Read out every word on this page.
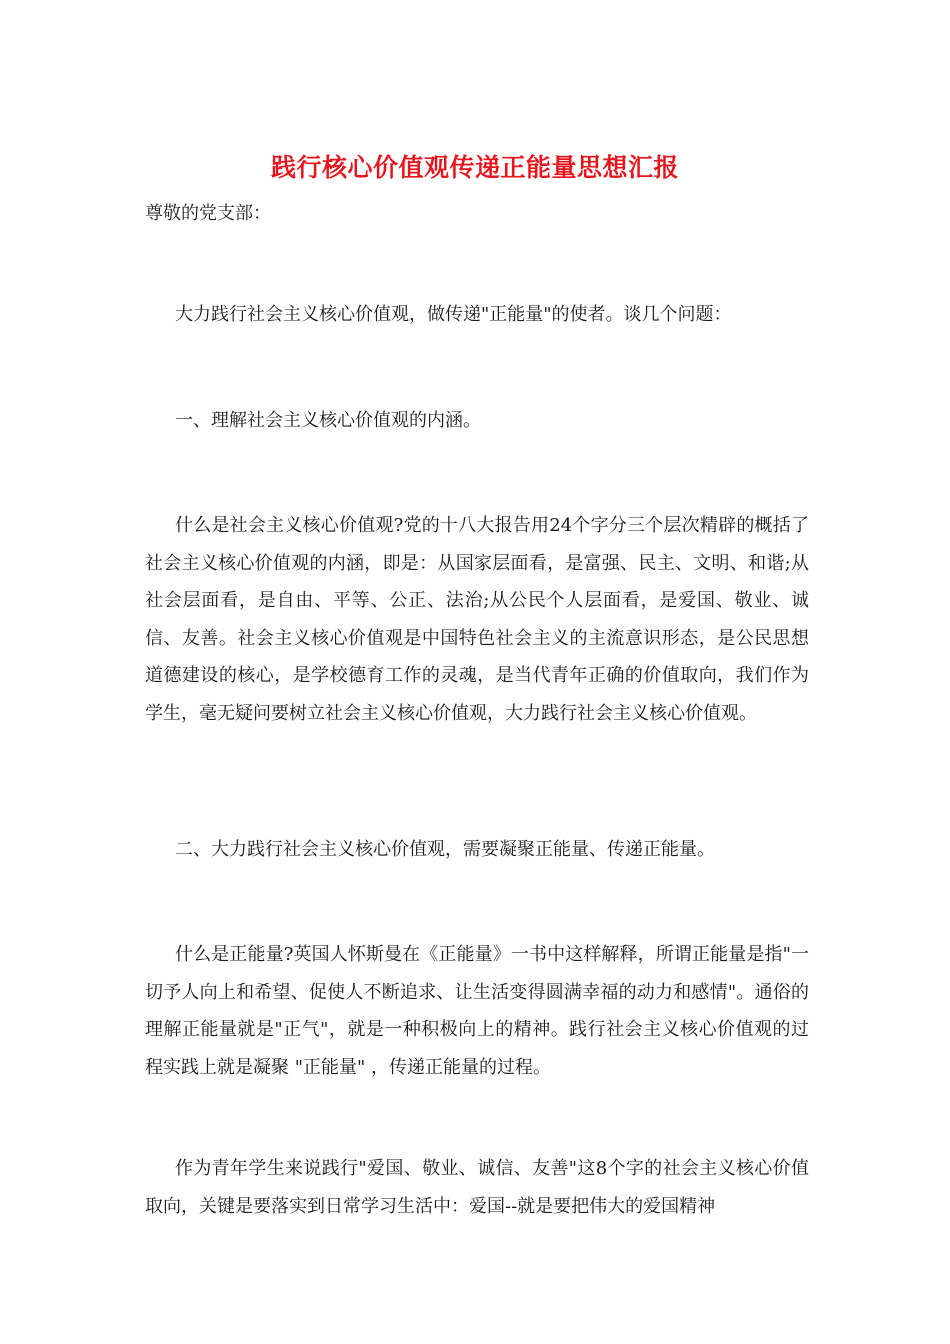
践行核心价值观传递正能量思想汇报
尊敬的党支部：

大力践行社会主义核心价值观，做传递"正能量"的使者。谈几个问题：

一、理解社会主义核心价值观的内涵。

什么是社会主义核心价值观?党的十八大报告用24个字分三个层次精辟的概括了社会主义核心价值观的内涵，即是：从国家层面看，是富强、民主、文明、和谐;从社会层面看，是自由、平等、公正、法治;从公民个人层面看，是爱国、敬业、诚信、友善。社会主义核心价值观是中国特色社会主义的主流意识形态，是公民思想道德建设的核心，是学校德育工作的灵魂，是当代青年正确的价值取向，我们作为学生，毫无疑问要树立社会主义核心价值观，大力践行社会主义核心价值观。

二、大力践行社会主义核心价值观，需要凝聚正能量、传递正能量。

什么是正能量?英国人怀斯曼在《正能量》一书中这样解释，所谓正能量是指"一切予人向上和希望、促使人不断追求、让生活变得圆满幸福的动力和感情"。通俗的理解正能量就是"正气"，就是一种积极向上的精神。践行社会主义核心价值观的过程实践上就是凝聚 "正能量" ，传递正能量的过程。

作为青年学生来说践行"爱国、敬业、诚信、友善"这8个字的社会主义核心价值取向，关键是要落实到日常学习生活中：爱国--就是要把伟大的爱国精神
